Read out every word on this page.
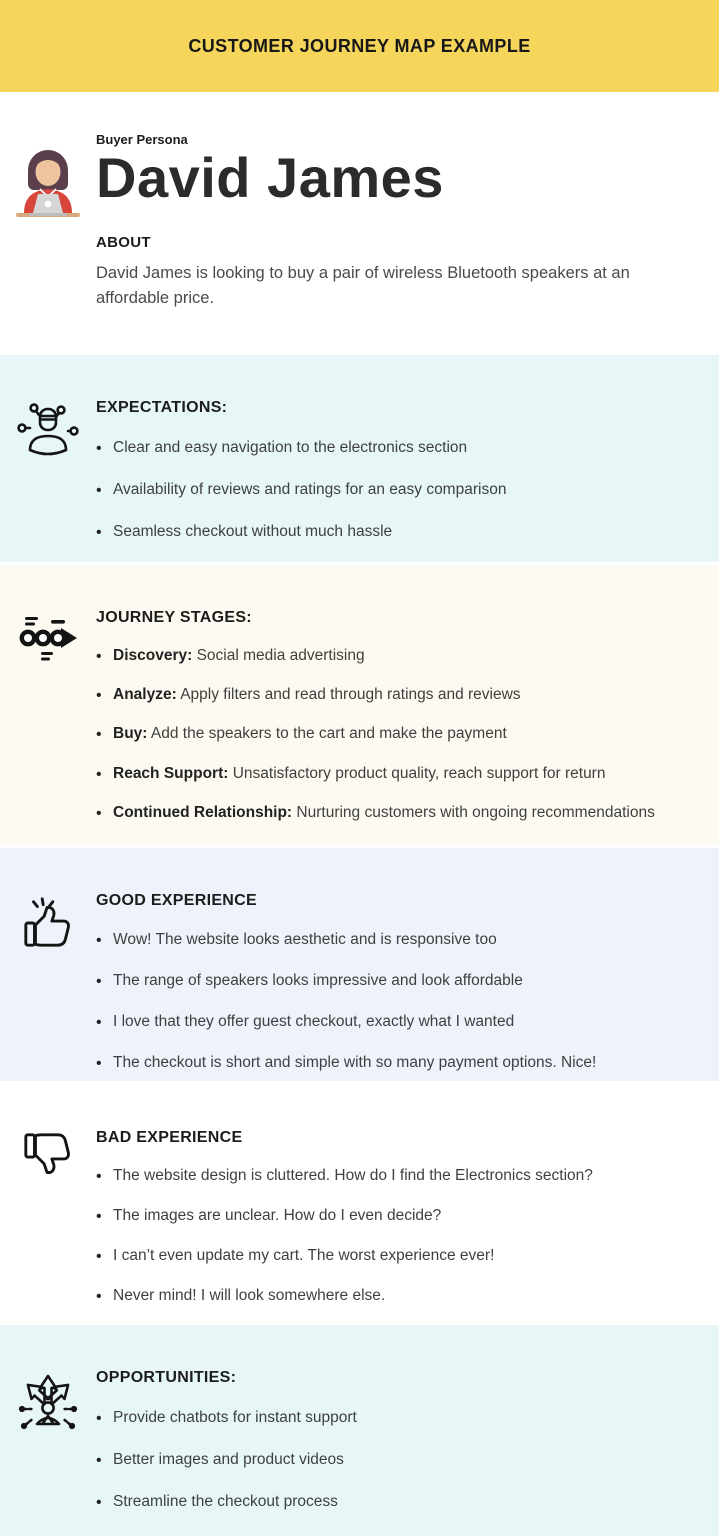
CUSTOMER JOURNEY MAP EXAMPLE
Buyer Persona
David James
ABOUT

David James is looking to buy a pair of wireless Bluetooth speakers at an affordable price.

EXPECTATIONS:
• Clear and easy navigation to the electronics section
• Availability of reviews and ratings for an easy comparison
• Seamless checkout without much hassle
JOURNEY STAGES:
• Discovery: Social media advertising
• Analyze: Apply filters and read through ratings and reviews
• Buy: Add the speakers to the cart and make the payment
• Reach Support: Unsatisfactory product quality, reach support for return
• Continued Relationship: Nurturing customers with ongoing recommendations
GOOD EXPERIENCE
• Wow! The website looks aesthetic and is responsive too
• The range of speakers looks impressive and look affordable
• I love that they offer guest checkout, exactly what I wanted
• The checkout is short and simple with so many payment options. Nice!
BAD EXPERIENCE
• The website design is cluttered. How do I find the Electronics section?
• The images are unclear. How do I even decide?
• I can’t even update my cart. The worst experience ever!
• Never mind! I will look somewhere else.
OPPORTUNITIES:
• Provide chatbots for instant support
• Better images and product videos
• Streamline the checkout process
